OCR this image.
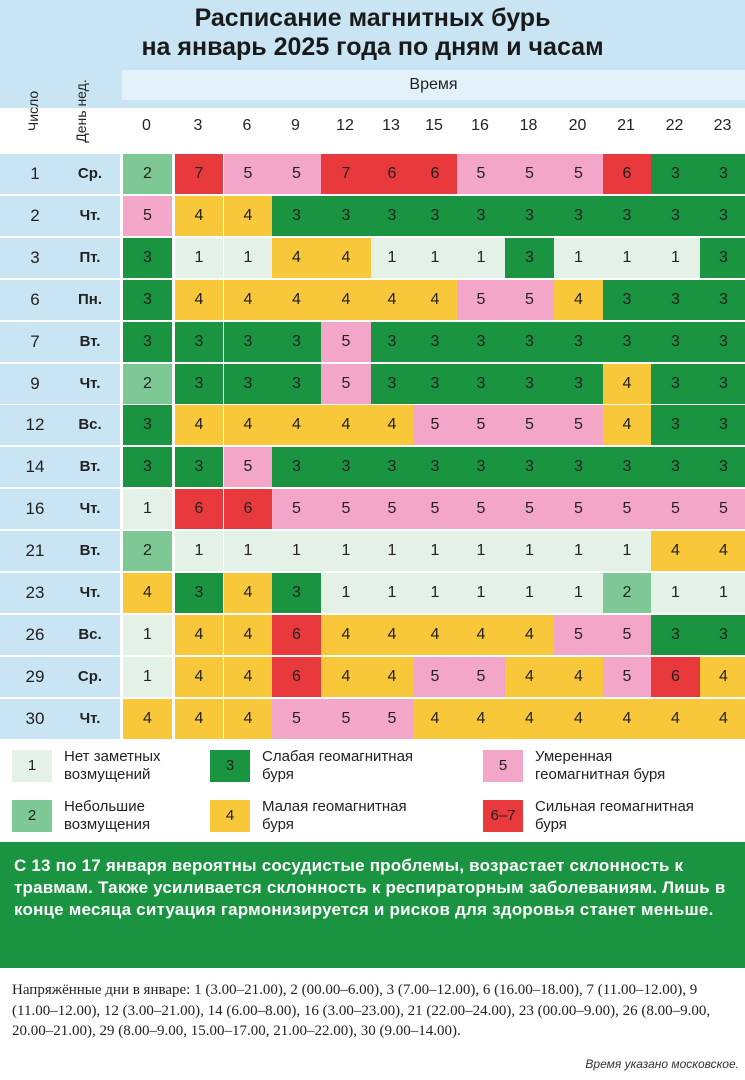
Расписание магнитных бурь
на январь 2025 года по дням и часам
Число День нед.	Время
0	3	6	9	12	13	15	16	18	20	21	22	23
1	Ср.	2	7	5	5	7	6	6	5	5	5	6	3	3
2	Чт.	5	4	4	3	3	3	3	3	3	3	3	3	3
3	Пт.	3	1	1	4	4	1	1	1	3	1	1	1	3
6	Пн.	3	4	4	4	4	4	4	5	5	4	3	3	3
7	Вт.	3	3	3	3	5	3	3	3	3	3	3	3	3
9	Чт.	2	3	3	3	5	3	3	3	3	3	4	3	3
12	Вс.	3	4	4	4	4	4	5	5	5	5	4	3	3
14	Вт.	3	3	5	3	3	3	3	3	3	3	3	3	3
16	Чт.	1	6	6	5	5	5	5	5	5	5	5	5	5
21	Вт.	2	1	1	1	1	1	1	1	1	1	1	4	4
23	Чт.	4	3	4	3	1	1	1	1	1	1	2	1	1
26	Вс.	1	4	4	6	4	4	4	4	4	5	5	3	3
29	Ср.	1	4	4	6	4	4	5	5	4	4	5	6	4
30	Чт.	4	4	4	5	5	5	4	4	4	4	4	4	4
1
Нет заметных возмущений
2
Небольшие возмущения
3
Слабая геомагнитная буря
4
Малая геомагнитная буря
5
Умеренная геомагнитная буря
6–7
Сильная геомагнитная буря
С 13 по 17 января вероятны сосудистые проблемы, возрастает склонность к травмам. Также усиливается склонность к респираторным заболеваниям. Лишь в конце месяца ситуация гармонизируется и рисков для здоровья станет меньше.
Напряжённые дни в январе: 1 (3.00–21.00), 2 (00.00–6.00), 3 (7.00–12.00), 6 (16.00–18.00), 7 (11.00–12.00), 9 (11.00–12.00), 12 (3.00–21.00), 14 (6.00–8.00), 16 (3.00–23.00), 21 (22.00–24.00), 23 (00.00–9.00), 26 (8.00–9.00, 20.00–21.00), 29 (8.00–9.00, 15.00–17.00, 21.00–22.00), 30 (9.00–14.00).
Время указано московское.
